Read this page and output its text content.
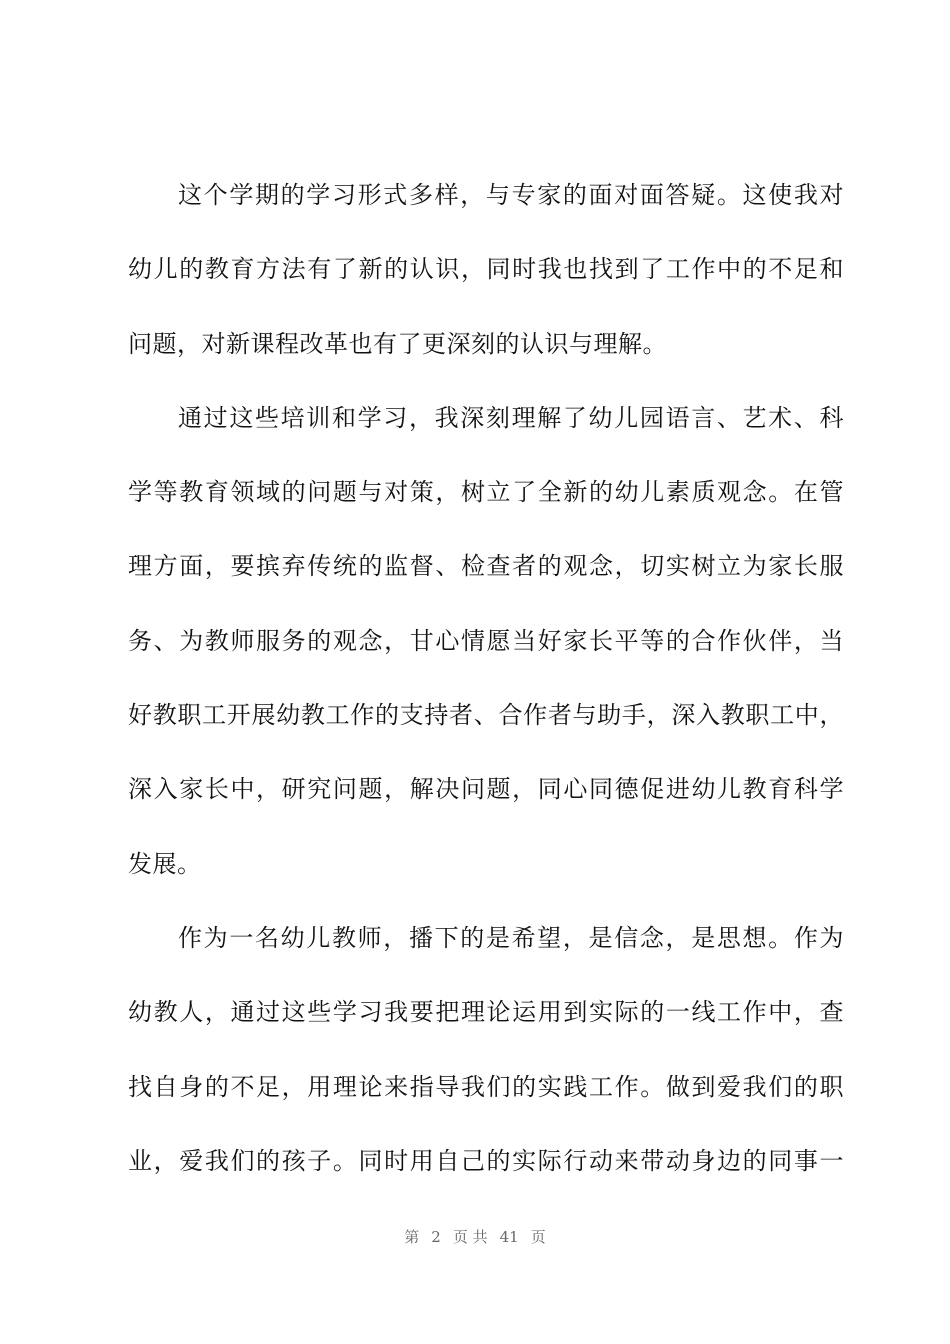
这个学期的学习形式多样，与专家的面对面答疑。这使我对
幼儿的教育方法有了新的认识，同时我也找到了工作中的不足和
问题，对新课程改革也有了更深刻的认识与理解。
通过这些培训和学习，我深刻理解了幼儿园语言、艺术、科
学等教育领域的问题与对策，树立了全新的幼儿素质观念。在管
理方面，要摈弃传统的监督、检查者的观念，切实树立为家长服
务、为教师服务的观念，甘心情愿当好家长平等的合作伙伴，当
好教职工开展幼教工作的支持者、合作者与助手，深入教职工中，
深入家长中，研究问题，解决问题，同心同德促进幼儿教育科学
发展。
作为一名幼儿教师，播下的是希望，是信念，是思想。作为
幼教人，通过这些学习我要把理论运用到实际的一线工作中，查
找自身的不足，用理论来指导我们的实践工作。做到爱我们的职
业，爱我们的孩子。同时用自己的实际行动来带动身边的同事一
第 2 页 共 41 页
